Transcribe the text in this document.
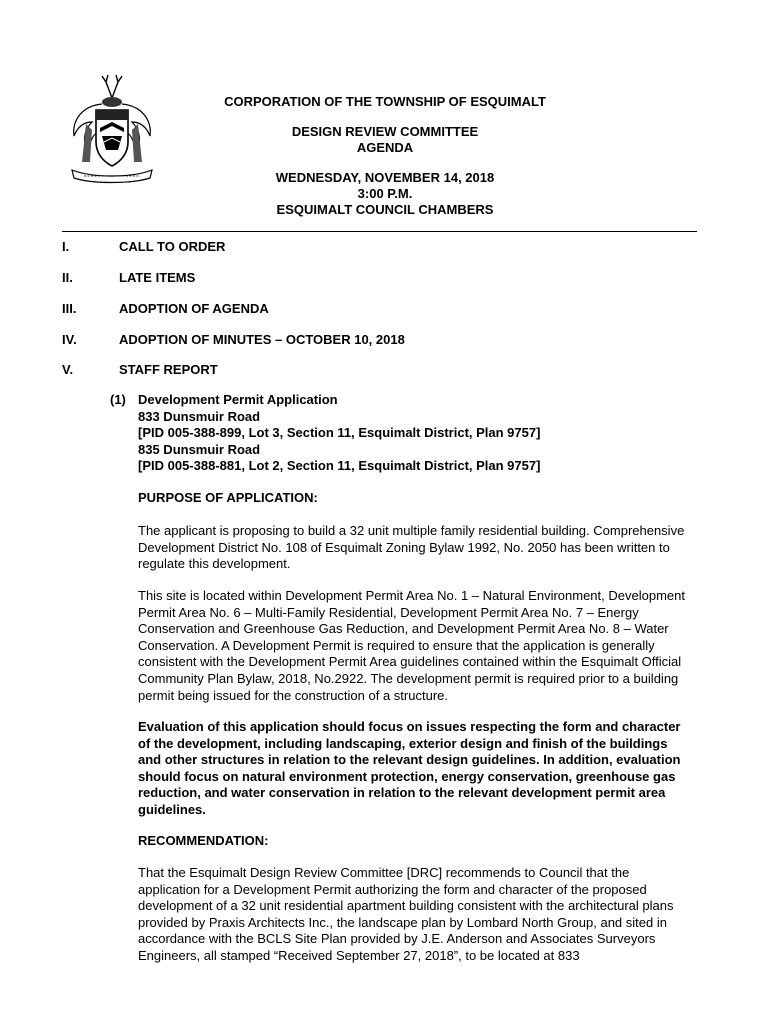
CORPORATION OF THE TOWNSHIP OF ESQUIMALT
DESIGN REVIEW COMMITTEE
AGENDA
WEDNESDAY, NOVEMBER 14, 2018
3:00 P.M.
ESQUIMALT COUNCIL CHAMBERS
I.	CALL TO ORDER
II.	LATE ITEMS
III.	ADOPTION OF AGENDA
IV.	ADOPTION OF MINUTES – OCTOBER 10, 2018
V.	STAFF REPORT
(1) Development Permit Application
833 Dunsmuir Road
[PID 005-388-899, Lot 3, Section 11, Esquimalt District, Plan 9757]
835 Dunsmuir Road
[PID 005-388-881, Lot 2, Section 11, Esquimalt District, Plan 9757]
PURPOSE OF APPLICATION:
The applicant is proposing to build a 32 unit multiple family residential building. Comprehensive Development District No. 108 of Esquimalt Zoning Bylaw 1992, No. 2050 has been written to regulate this development.
This site is located within Development Permit Area No. 1 – Natural Environment, Development Permit Area No. 6 – Multi-Family Residential, Development Permit Area No. 7 – Energy Conservation and Greenhouse Gas Reduction, and Development Permit Area No. 8 – Water Conservation. A Development Permit is required to ensure that the application is generally consistent with the Development Permit Area guidelines contained within the Esquimalt Official Community Plan Bylaw, 2018, No.2922. The development permit is required prior to a building permit being issued for the construction of a structure.
Evaluation of this application should focus on issues respecting the form and character of the development, including landscaping, exterior design and finish of the buildings and other structures in relation to the relevant design guidelines. In addition, evaluation should focus on natural environment protection, energy conservation, greenhouse gas reduction, and water conservation in relation to the relevant development permit area guidelines.
RECOMMENDATION:
That the Esquimalt Design Review Committee [DRC] recommends to Council that the application for a Development Permit authorizing the form and character of the proposed development of a 32 unit residential apartment building consistent with the architectural plans provided by Praxis Architects Inc., the landscape plan by Lombard North Group, and sited in accordance with the BCLS Site Plan provided by J.E. Anderson and Associates Surveyors Engineers, all stamped “Received September 27, 2018”, to be located at 833
